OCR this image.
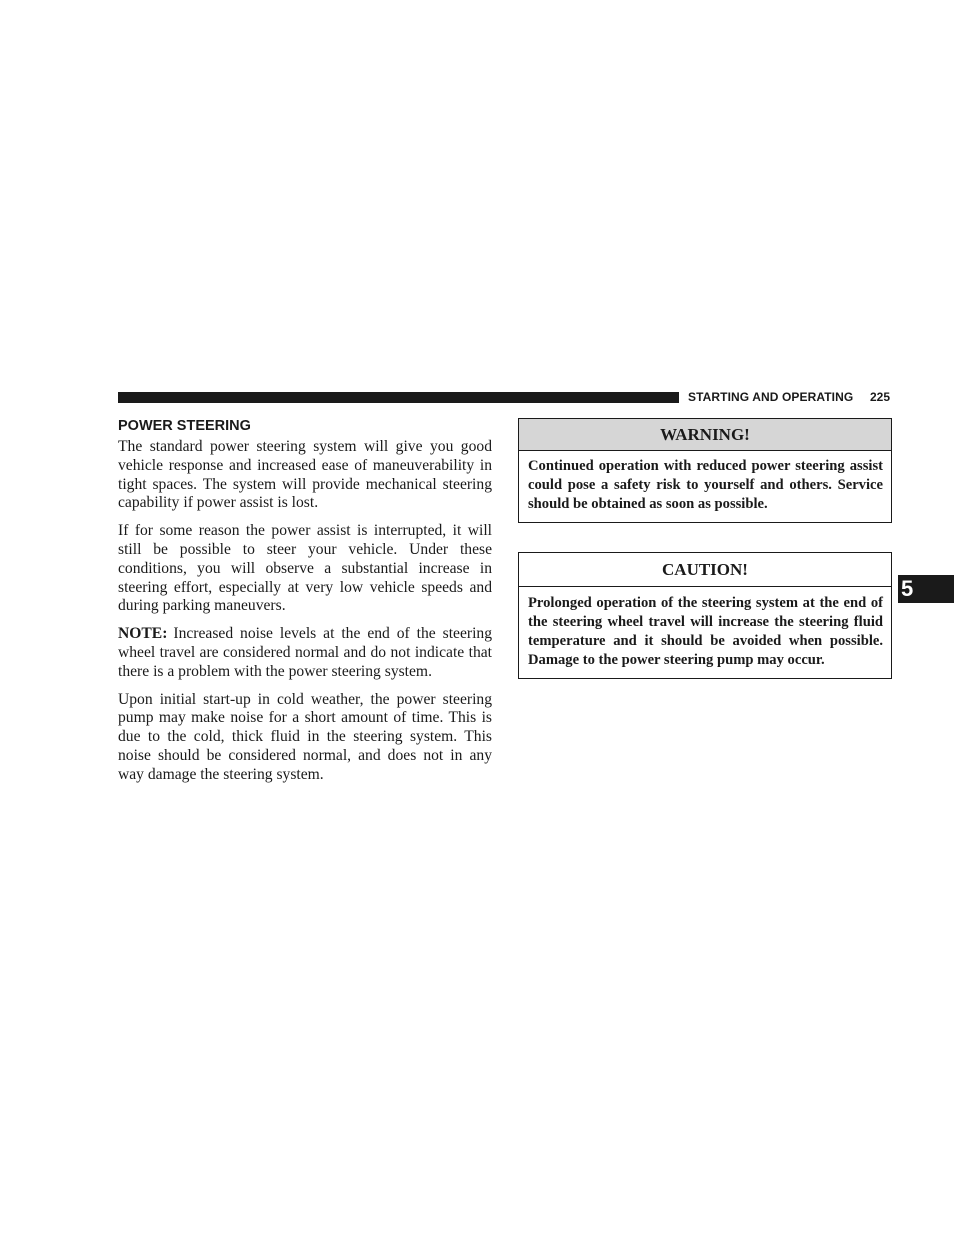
STARTING AND OPERATING 225
POWER STEERING

The standard power steering system will give you good vehicle response and increased ease of maneuverability in tight spaces. The system will provide mechanical steering capability if power assist is lost.

If for some reason the power assist is interrupted, it will still be possible to steer your vehicle. Under these conditions, you will observe a substantial increase in steering effort, especially at very low vehicle speeds and during parking maneuvers.

NOTE: Increased noise levels at the end of the steering wheel travel are considered normal and do not indicate that there is a problem with the power steering system.

Upon initial start-up in cold weather, the power steering pump may make noise for a short amount of time. This is due to the cold, thick fluid in the steering system. This noise should be considered normal, and does not in any way damage the steering system.

WARNING!
Continued operation with reduced power steering assist could pose a safety risk to yourself and others. Service should be obtained as soon as possible.
CAUTION!
Prolonged operation of the steering system at the end of the steering wheel travel will increase the steering fluid temperature and it should be avoided when possible. Damage to the power steering pump may occur.
5
